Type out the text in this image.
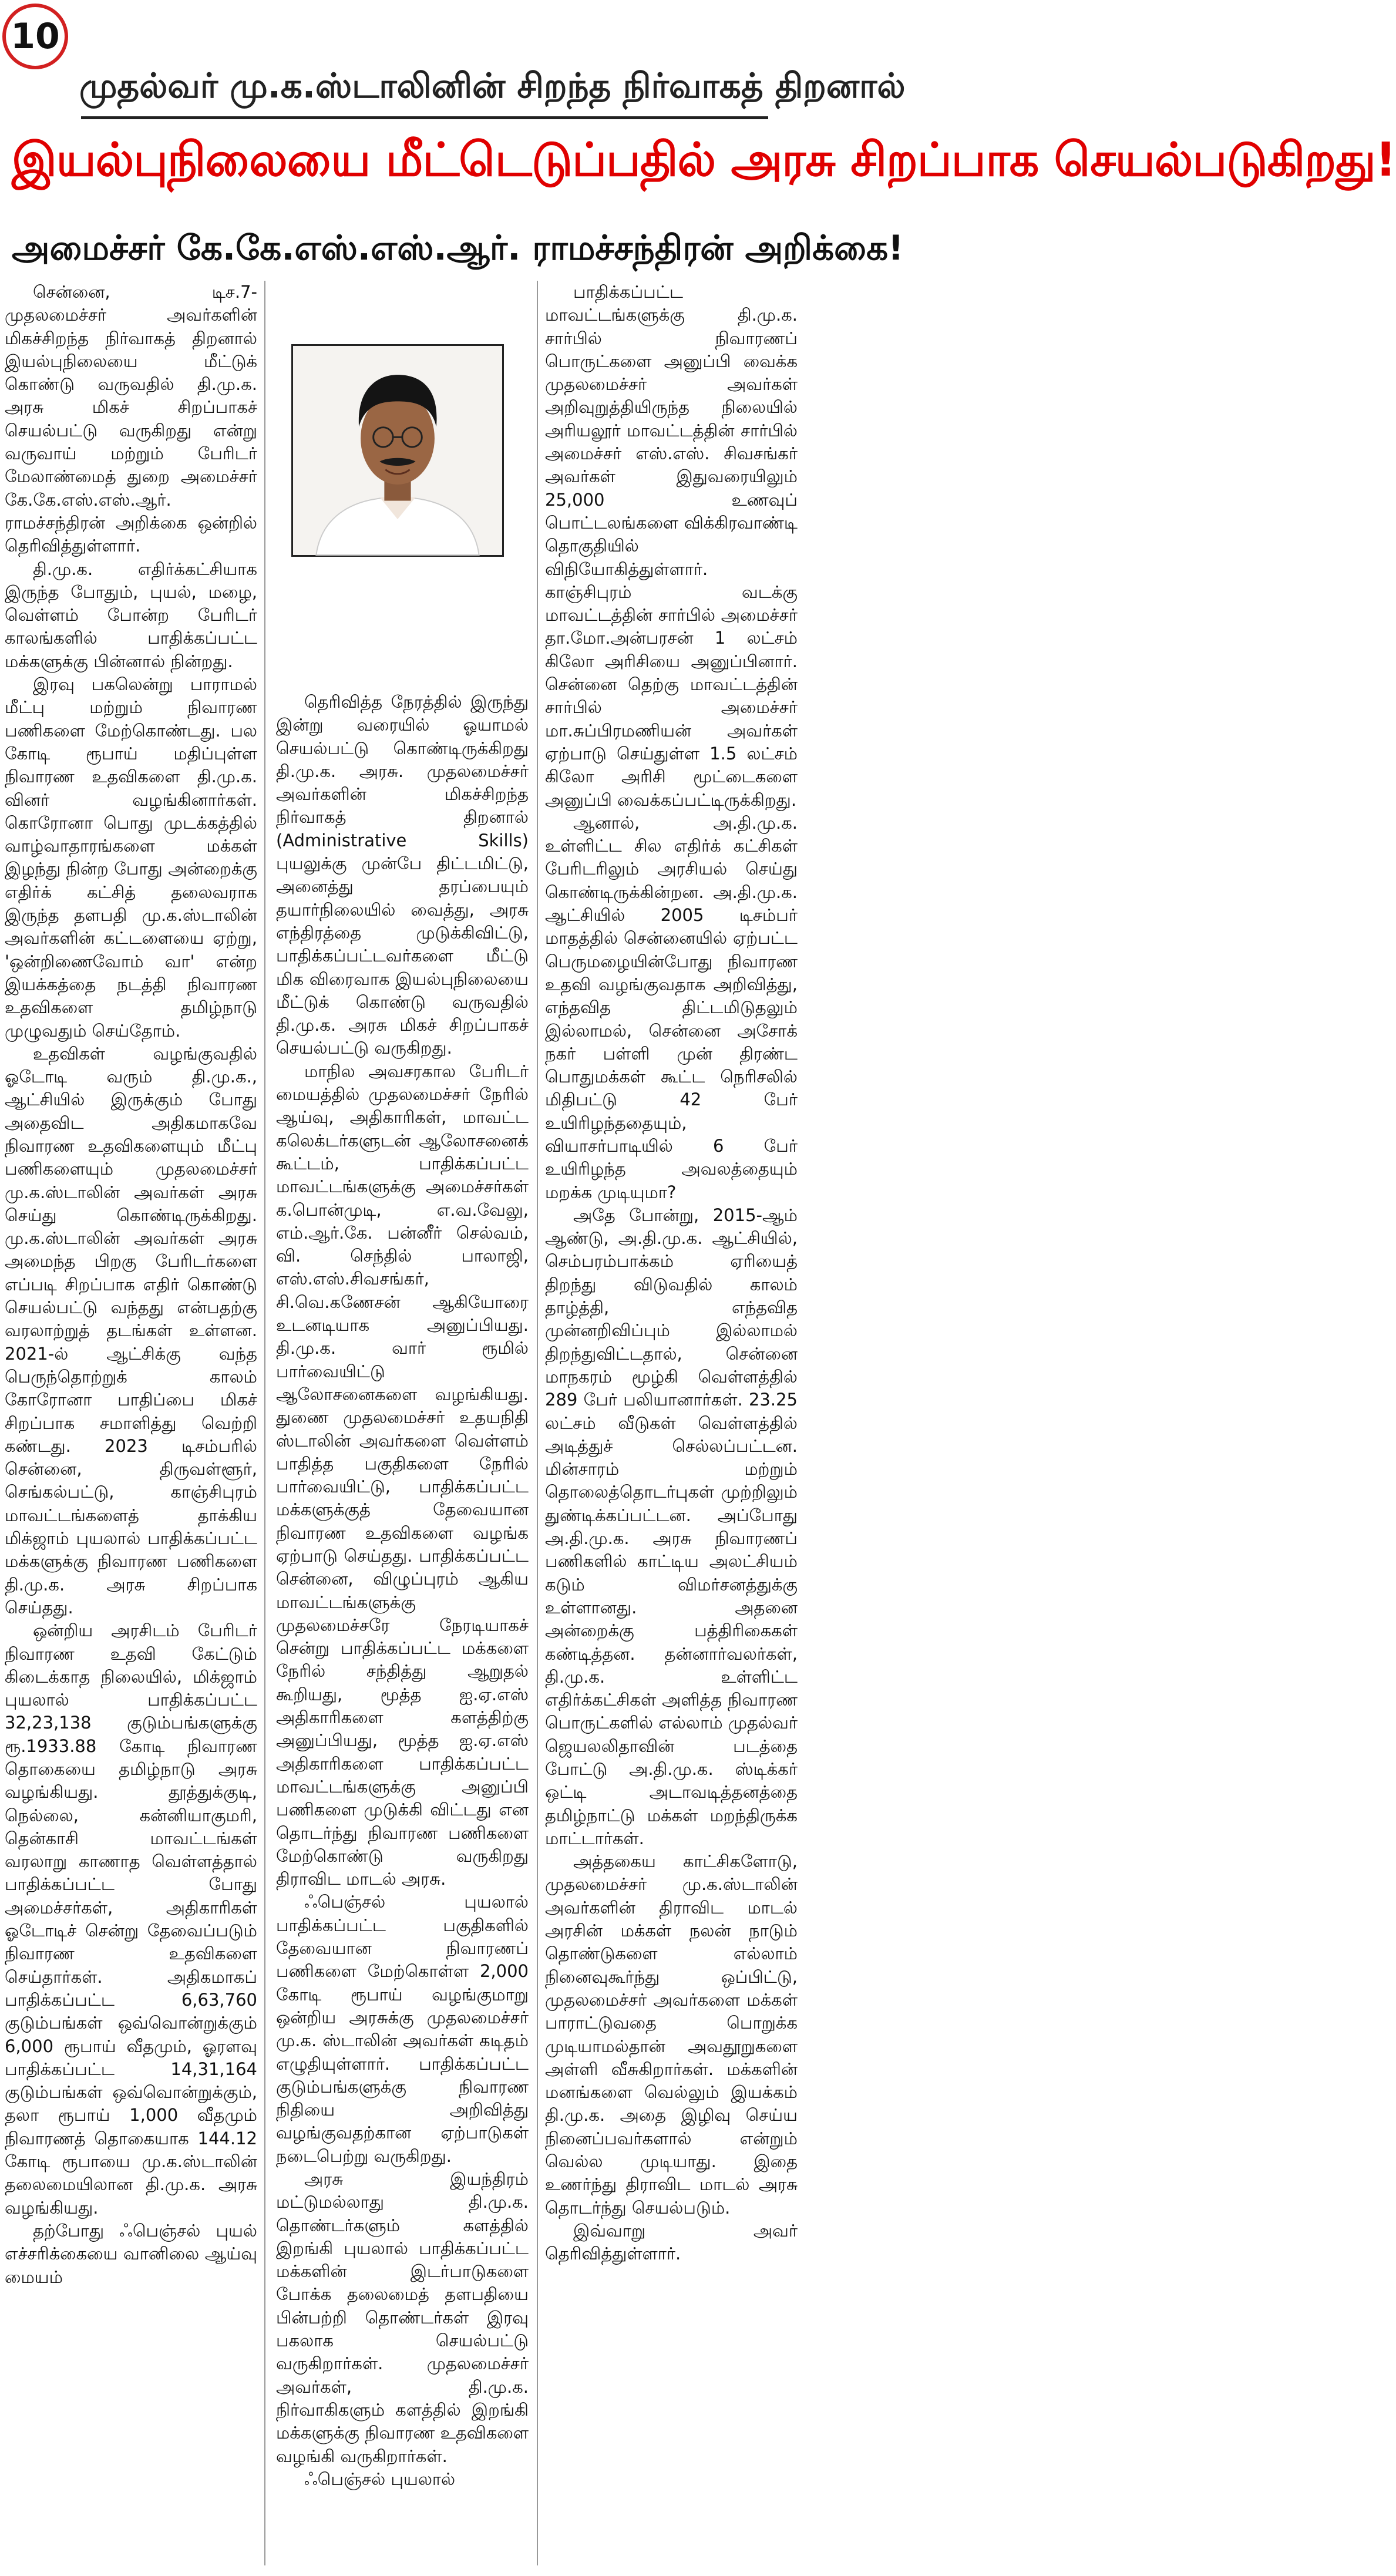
10
முதல்வர் மு.க.ஸ்டாலினின் சிறந்த நிர்வாகத் திறனால்
இயல்புநிலையை மீட்டெடுப்பதில் அரசு சிறப்பாக செயல்படுகிறது!
அமைச்சர் கே.கே.எஸ்.எஸ்.ஆர். ராமச்சந்திரன் அறிக்கை!

சென்னை, டிச.7- முதலமைச்சர் அவர்களின் மிகச்சிறந்த நிர்வாகத் திறனால் இயல்புநிலையை மீட்டுக் கொண்டு வருவதில் தி.மு.க. அரசு மிகச் சிறப்பாகச் செயல்பட்டு வருகிறது என்று வருவாய் மற்றும் பேரிடர் மேலாண்மைத் துறை அமைச்சர் கே.கே.எஸ்.எஸ்.ஆர். ராமச்சந்திரன் அறிக்கை ஒன்றில் தெரிவித்துள்ளார்.

தி.மு.க. எதிர்க்கட்சியாக இருந்த போதும், புயல், மழை, வெள்ளம் போன்ற பேரிடர் காலங்களில் பாதிக்கப்பட்ட மக்களுக்கு பின்னால் நின்றது.

இரவு பகலென்று பாராமல் மீட்பு மற்றும் நிவாரண பணிகளை மேற்கொண்டது. பல கோடி ரூபாய் மதிப்புள்ள நிவாரண உதவிகளை தி.மு.க. வினர் வழங்கினார்கள். கொரோனா பொது முடக்கத்தில் வாழ்வாதாரங்களை மக்கள் இழந்து நின்ற போது அன்றைக்கு எதிர்க் கட்சித் தலைவராக இருந்த தளபதி மு.க.ஸ்டாலின் அவர்களின் கட்டளையை ஏற்று, 'ஒன்றிணைவோம் வா' என்ற இயக்கத்தை நடத்தி நிவாரண உதவிகளை தமிழ்நாடு முழுவதும் செய்தோம்.

உதவிகள் வழங்குவதில் ஓடோடி வரும் தி.மு.க., ஆட்சியில் இருக்கும் போது அதைவிட அதிகமாகவே நிவாரண உதவிகளையும் மீட்பு பணிகளையும் முதலமைச்சர் மு.க.ஸ்டாலின் அவர்கள் அரசு செய்து கொண்டிருக்கிறது. மு.க.ஸ்டாலின் அவர்கள் அரசு அமைந்த பிறகு பேரிடர்களை எப்படி சிறப்பாக எதிர் கொண்டு செயல்பட்டு வந்தது என்பதற்கு வரலாற்றுத் தடங்கள் உள்ளன. 2021-ல் ஆட்சிக்கு வந்த பெருந்தொற்றுக் காலம் கோரோனா பாதிப்பை மிகச் சிறப்பாக சமாளித்து வெற்றி கண்டது. 2023 டிசம்பரில் சென்னை, திருவள்ளூர், செங்கல்பட்டு, காஞ்சிபுரம் மாவட்டங்களைத் தாக்கிய மிக்ஜாம் புயலால் பாதிக்கப்பட்ட மக்களுக்கு நிவாரண பணிகளை தி.மு.க. அரசு சிறப்பாக செய்தது.

ஒன்றிய அரசிடம் பேரிடர் நிவாரண உதவி கேட்டும் கிடைக்காத நிலையில், மிக்ஜாம் புயலால் பாதிக்கப்பட்ட 32,23,138 குடும்பங்களுக்கு ரூ.1933.88 கோடி நிவாரண தொகையை தமிழ்நாடு அரசு வழங்கியது. தூத்துக்குடி, நெல்லை, கன்னியாகுமரி, தென்காசி மாவட்டங்கள் வரலாறு காணாத வெள்ளத்தால் பாதிக்கப்பட்ட போது அமைச்சர்கள், அதிகாரிகள் ஓடோடிச் சென்று தேவைப்படும் நிவாரண உதவிகளை செய்தார்கள். அதிகமாகப் பாதிக்கப்பட்ட 6,63,760 குடும்பங்கள் ஒவ்வொன்றுக்கும் 6,000 ரூபாய் வீதமும், ஓரளவு பாதிக்கப்பட்ட 14,31,164 குடும்பங்கள் ஒவ்வொன்றுக்கும், தலா ரூபாய் 1,000 வீதமும் நிவாரணத் தொகையாக 144.12 கோடி ரூபாயை மு.க.ஸ்டாலின் தலைமையிலான தி.மு.க. அரசு வழங்கியது.

தற்போது ஃபெஞ்சல் புயல் எச்சரிக்கையை வானிலை ஆய்வு மையம்

தெரிவித்த நேரத்தில் இருந்து இன்று வரையில் ஓயாமல் செயல்பட்டு கொண்டிருக்கிறது தி.மு.க. அரசு. முதலமைச்சர் அவர்களின் மிகச்சிறந்த நிர்வாகத் திறனால் (Administrative Skills) புயலுக்கு முன்பே திட்டமிட்டு, அனைத்து தரப்பையும் தயார்நிலையில் வைத்து, அரசு எந்திரத்தை முடுக்கிவிட்டு, பாதிக்கப்பட்டவர்களை மீட்டு மிக விரைவாக இயல்புநிலையை மீட்டுக் கொண்டு வருவதில் தி.மு.க. அரசு மிகச் சிறப்பாகச் செயல்பட்டு வருகிறது.

மாநில அவசரகால பேரிடர் மையத்தில் முதலமைச்சர் நேரில் ஆய்வு, அதிகாரிகள், மாவட்ட கலெக்டர்களுடன் ஆலோசனைக் கூட்டம், பாதிக்கப்பட்ட மாவட்டங்களுக்கு அமைச்சர்கள் க.பொன்முடி, எ.வ.வேலு, எம்.ஆர்.கே. பன்னீர் செல்வம், வி. செந்தில் பாலாஜி, எஸ்.எஸ்.சிவசங்கர், சி.வெ.கணேசன் ஆகியோரை உடனடியாக அனுப்பியது. தி.மு.க. வார் ரூமில் பார்வையிட்டு ஆலோசனைகளை வழங்கியது. துணை முதலமைச்சர் உதயநிதி ஸ்டாலின் அவர்களை வெள்ளம் பாதித்த பகுதிகளை நேரில் பார்வையிட்டு, பாதிக்கப்பட்ட மக்களுக்குத் தேவையான நிவாரண உதவிகளை வழங்க ஏற்பாடு செய்தது. பாதிக்கப்பட்ட சென்னை, விழுப்புரம் ஆகிய மாவட்டங்களுக்கு முதலமைச்சரே நேரடியாகச் சென்று பாதிக்கப்பட்ட மக்களை நேரில் சந்தித்து ஆறுதல் கூறியது, மூத்த ஐ.ஏ.எஸ் அதிகாரிகளை களத்திற்கு அனுப்பியது, மூத்த ஐ.ஏ.எஸ் அதிகாரிகளை பாதிக்கப்பட்ட மாவட்டங்களுக்கு அனுப்பி பணிகளை முடுக்கி விட்டது என தொடர்ந்து நிவாரண பணிகளை மேற்கொண்டு வருகிறது திராவிட மாடல் அரசு.

ஃபெஞ்சல் புயலால் பாதிக்கப்பட்ட பகுதிகளில் தேவையான நிவாரணப் பணிகளை மேற்கொள்ள 2,000 கோடி ரூபாய் வழங்குமாறு ஒன்றிய அரசுக்கு முதலமைச்சர் மு.க. ஸ்டாலின் அவர்கள் கடிதம் எழுதியுள்ளார். பாதிக்கப்பட்ட குடும்பங்களுக்கு நிவாரண நிதியை அறிவித்து வழங்குவதற்கான ஏற்பாடுகள் நடைபெற்று வருகிறது.

அரசு இயந்திரம் மட்டுமல்லாது தி.மு.க. தொண்டர்களும் களத்தில் இறங்கி புயலால் பாதிக்கப்பட்ட மக்களின் இடர்பாடுகளை போக்க தலைமைத் தளபதியை பின்பற்றி தொண்டர்கள் இரவு பகலாக செயல்பட்டு வருகிறார்கள். முதலமைச்சர் அவர்கள், தி.மு.க. நிர்வாகிகளும் களத்தில் இறங்கி மக்களுக்கு நிவாரண உதவிகளை வழங்கி வருகிறார்கள்.

ஃபெஞ்சல் புயலால்

பாதிக்கப்பட்ட மாவட்டங்களுக்கு தி.மு.க. சார்பில் நிவாரணப் பொருட்களை அனுப்பி வைக்க முதலமைச்சர் அவர்கள் அறிவுறுத்தியிருந்த நிலையில் அரியலூர் மாவட்டத்தின் சார்பில் அமைச்சர் எஸ்.எஸ். சிவசங்கர் அவர்கள் இதுவரையிலும் 25,000 உணவுப் பொட்டலங்களை விக்கிரவாண்டி தொகுதியில் விநியோகித்துள்ளார். காஞ்சிபுரம் வடக்கு மாவட்டத்தின் சார்பில் அமைச்சர் தா.மோ.அன்பரசன் 1 லட்சம் கிலோ அரிசியை அனுப்பினார். சென்னை தெற்கு மாவட்டத்தின் சார்பில் அமைச்சர் மா.சுப்பிரமணியன் அவர்கள் ஏற்பாடு செய்துள்ள 1.5 லட்சம் கிலோ அரிசி மூட்டைகளை அனுப்பி வைக்கப்பட்டிருக்கிறது.

ஆனால், அ.தி.மு.க. உள்ளிட்ட சில எதிர்க் கட்சிகள் பேரிடரிலும் அரசியல் செய்து கொண்டிருக்கின்றன. அ.தி.மு.க. ஆட்சியில் 2005 டிசம்பர் மாதத்தில் சென்னையில் ஏற்பட்ட பெருமழையின்போது நிவாரண உதவி வழங்குவதாக அறிவித்து, எந்தவித திட்டமிடுதலும் இல்லாமல், சென்னை அசோக் நகர் பள்ளி முன் திரண்ட பொதுமக்கள் கூட்ட நெரிசலில் மிதிபட்டு 42 பேர் உயிரிழந்ததையும், வியாசர்பாடியில் 6 பேர் உயிரிழந்த அவலத்தையும் மறக்க முடியுமா?

அதே போன்று, 2015-ஆம் ஆண்டு, அ.தி.மு.க. ஆட்சியில், செம்பரம்பாக்கம் ஏரியைத் திறந்து விடுவதில் காலம் தாழ்த்தி, எந்தவித முன்னறிவிப்பும் இல்லாமல் திறந்துவிட்டதால், சென்னை மாநகரம் மூழ்கி வெள்ளத்தில் 289 பேர் பலியானார்கள். 23.25 லட்சம் வீடுகள் வெள்ளத்தில் அடித்துச் செல்லப்பட்டன. மின்சாரம் மற்றும் தொலைத்தொடர்புகள் முற்றிலும் துண்டிக்கப்பட்டன. அப்போது அ.தி.மு.க. அரசு நிவாரணப் பணிகளில் காட்டிய அலட்சியம் கடும் விமர்சனத்துக்கு உள்ளானது. அதனை அன்றைக்கு பத்திரிகைகள் கண்டித்தன. தன்னார்வலர்கள், தி.மு.க. உள்ளிட்ட எதிர்க்கட்சிகள் அளித்த நிவாரண பொருட்களில் எல்லாம் முதல்வர் ஜெயலலிதாவின் படத்தை போட்டு அ.தி.மு.க. ஸ்டிக்கர் ஒட்டி அடாவடித்தனத்தை தமிழ்நாட்டு மக்கள் மறந்திருக்க மாட்டார்கள்.

அத்தகைய காட்சிகளோடு, முதலமைச்சர் மு.க.ஸ்டாலின் அவர்களின் திராவிட மாடல் அரசின் மக்கள் நலன் நாடும் தொண்டுகளை எல்லாம் நினைவுகூர்ந்து ஒப்பிட்டு, முதலமைச்சர் அவர்களை மக்கள் பாராட்டுவதை பொறுக்க முடியாமல்தான் அவதூறுகளை அள்ளி வீசுகிறார்கள். மக்களின் மனங்களை வெல்லும் இயக்கம் தி.மு.க. அதை இழிவு செய்ய நினைப்பவர்களால் என்றும் வெல்ல முடியாது. இதை உணர்ந்து திராவிட மாடல் அரசு தொடர்ந்து செயல்படும்.

இவ்வாறு அவர் தெரிவித்துள்ளார்.
